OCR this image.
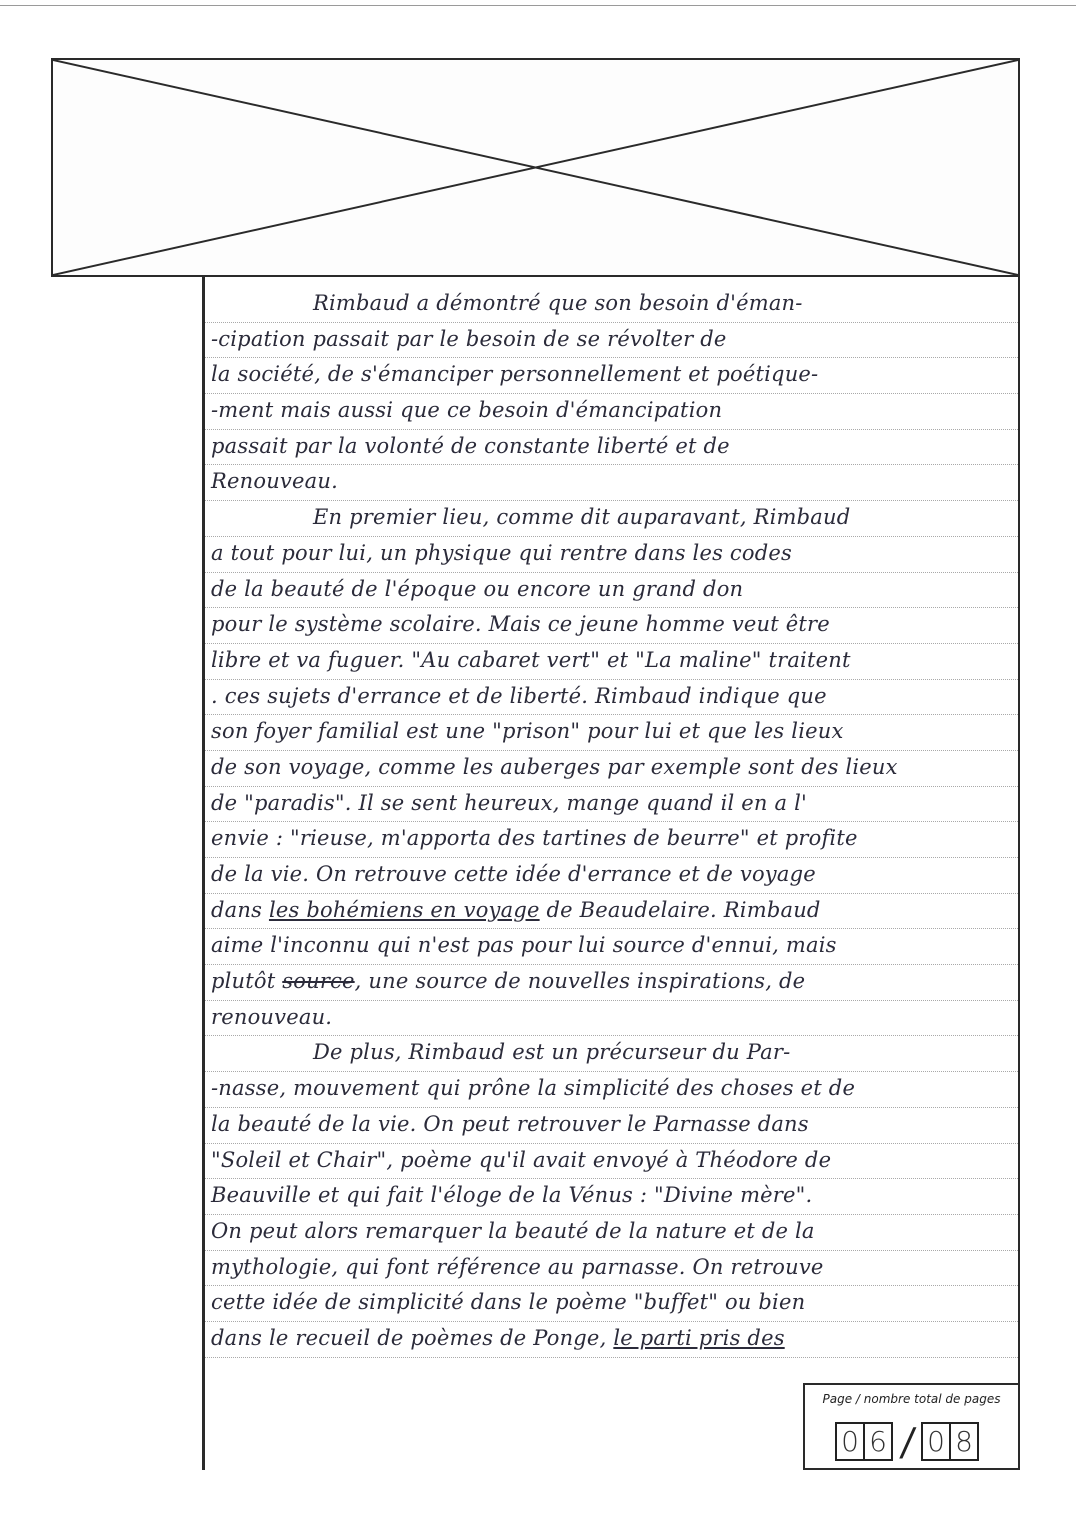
Rimbaud a démontré que son besoin d'éman-
-cipation passait par le besoin de se révolter de
la société, de s'émanciper personnellement et poétique-
-ment mais aussi que ce besoin d'émancipation
passait par la volonté de constante liberté et de
Renouveau.
En premier lieu, comme dit auparavant, Rimbaud
a tout pour lui, un physique qui rentre dans les codes
de la beauté de l'époque ou encore un grand don
pour le système scolaire. Mais ce jeune homme veut être
libre et va fuguer. "Au cabaret vert" et "La maline" traitent
. ces sujets d'errance et de liberté. Rimbaud indique que
son foyer familial est une "prison" pour lui et que les lieux
de son voyage, comme les auberges par exemple sont des lieux
de "paradis". Il se sent heureux, mange quand il en a l'
envie : "rieuse, m'apporta des tartines de beurre" et profite
de la vie. On retrouve cette idée d'errance et de voyage
dans les bohémiens en voyage de Beaudelaire. Rimbaud
aime l'inconnu qui n'est pas pour lui source d'ennui, mais
plutôt source, une source de nouvelles inspirations, de
renouveau.
De plus, Rimbaud est un précurseur du Par-
-nasse, mouvement qui prône la simplicité des choses et de
la beauté de la vie. On peut retrouver le Parnasse dans
"Soleil et Chair", poème qu'il avait envoyé à Théodore de
Beauville et qui fait l'éloge de la Vénus : "Divine mère".
On peut alors remarquer la beauté de la nature et de la
mythologie, qui font référence au parnasse. On retrouve
cette idée de simplicité dans le poème "buffet" ou bien
dans le recueil de poèmes de Ponge, le parti pris des
Page / nombre total de pages
0 6 / 0 8
